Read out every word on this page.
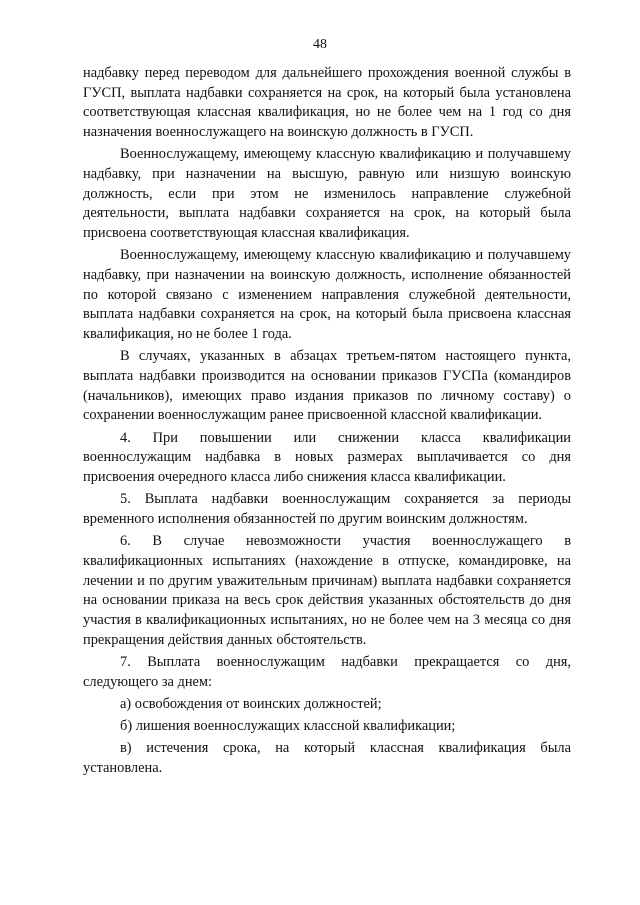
48

надбавку перед переводом для дальнейшего прохождения военной службы в ГУСП, выплата надбавки сохраняется на срок, на который была установлена соответствующая классная квалификация, но не более чем на 1 год со дня назначения военнослужащего на воинскую должность в ГУСП.

Военнослужащему, имеющему классную квалификацию и получавшему надбавку, при назначении на высшую, равную или низшую воинскую должность, если при этом не изменилось направление служебной деятельности, выплата надбавки сохраняется на срок, на который была присвоена соответствующая классная квалификация.

Военнослужащему, имеющему классную квалификацию и получавшему надбавку, при назначении на воинскую должность, исполнение обязанностей по которой связано с изменением направления служебной деятельности, выплата надбавки сохраняется на срок, на который была присвоена классная квалификация, но не более 1 года.

В случаях, указанных в абзацах третьем-пятом настоящего пункта, выплата надбавки производится на основании приказов ГУСПа (командиров (начальников), имеющих право издания приказов по личному составу) о сохранении военнослужащим ранее присвоенной классной квалификации.

4. При повышении или снижении класса квалификации военнослужащим надбавка в новых размерах выплачивается со дня присвоения очередного класса либо снижения класса квалификации.

5. Выплата надбавки военнослужащим сохраняется за периоды временного исполнения обязанностей по другим воинским должностям.

6. В случае невозможности участия военнослужащего в квалификационных испытаниях (нахождение в отпуске, командировке, на лечении и по другим уважительным причинам) выплата надбавки сохраняется на основании приказа на весь срок действия указанных обстоятельств до дня участия в квалификационных испытаниях, но не более чем на 3 месяца со дня прекращения действия данных обстоятельств.

7. Выплата военнослужащим надбавки прекращается со дня, следующего за днем:

а) освобождения от воинских должностей;

б) лишения военнослужащих классной квалификации;

в) истечения срока, на который классная квалификация была установлена.
